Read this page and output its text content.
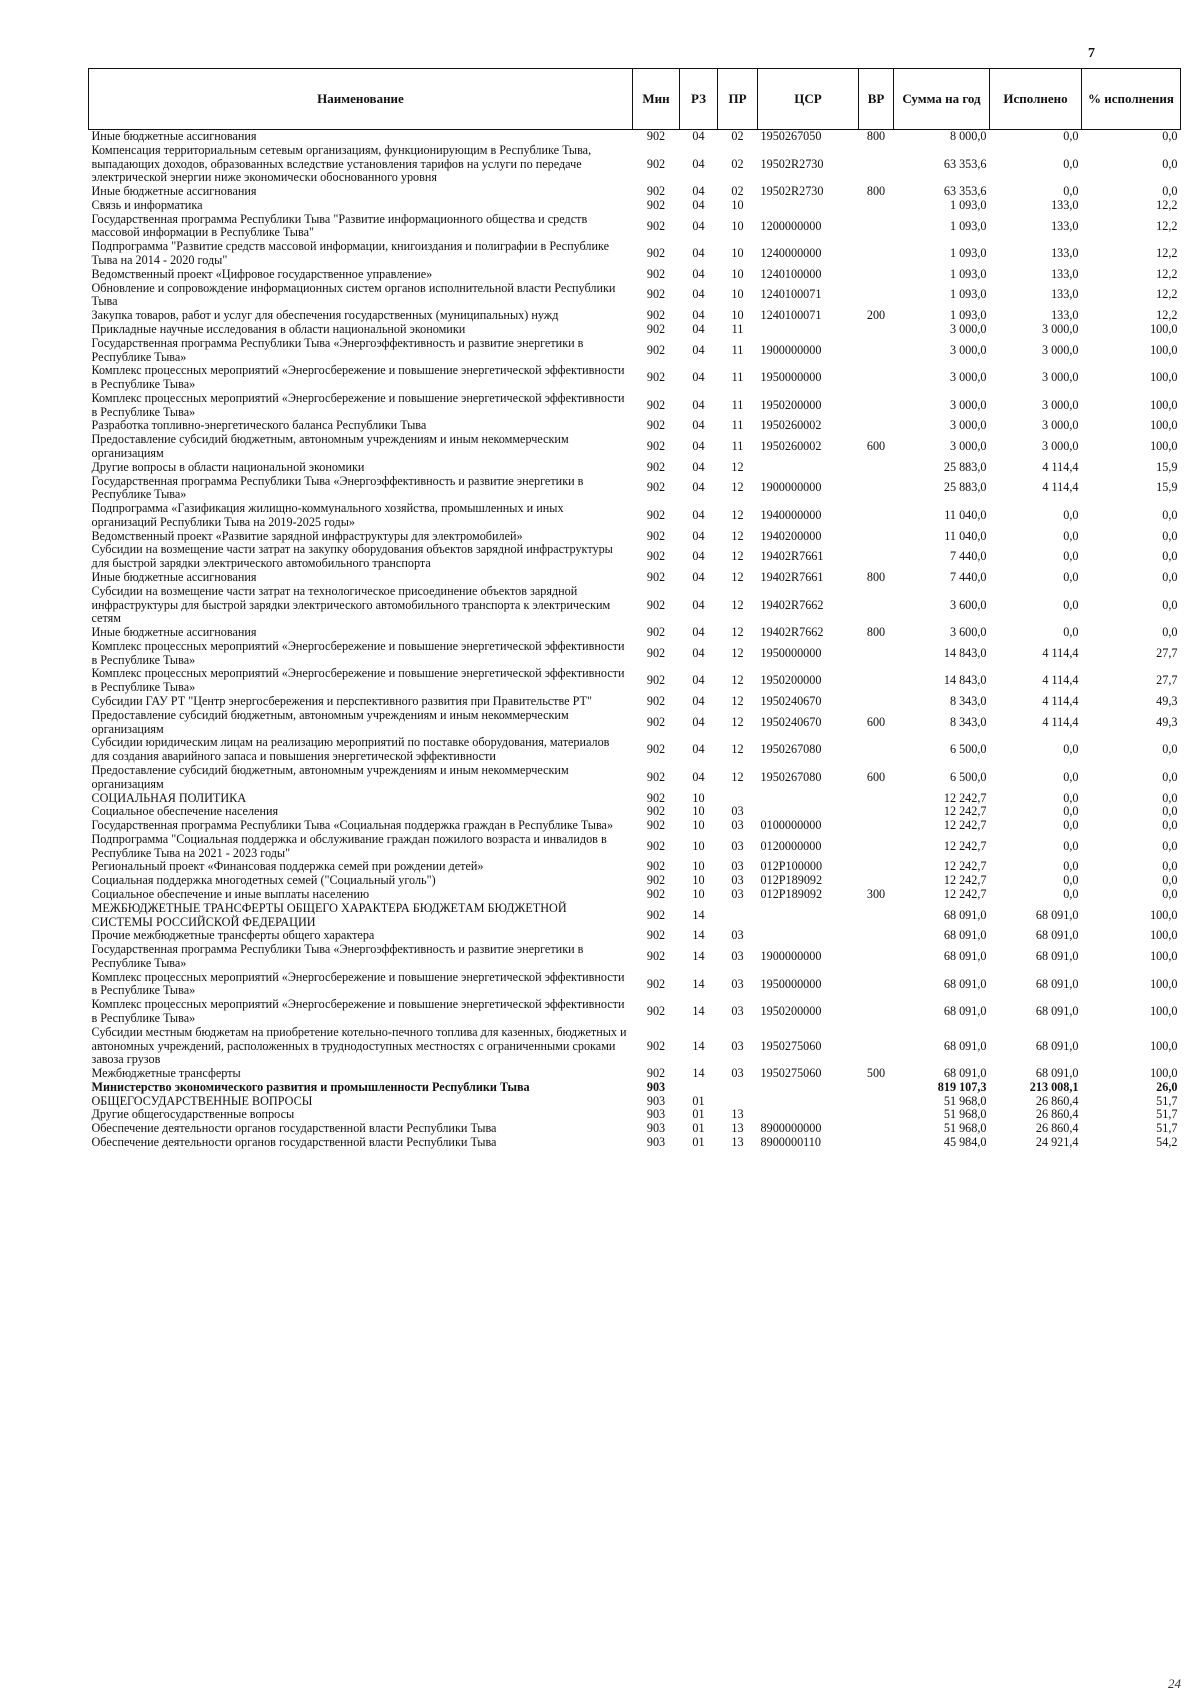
7
Наименование	Мин	РЗ	ПР	ЦСР	ВР	Сумма на год	Исполнено	% исполнения
Иные бюджетные ассигнования	902	04	02	1950267050	800	8 000,0	0,0	0,0
Компенсация территориальным сетевым организациям, функционирующим в Республике Тыва, выпадающих доходов, образованных вследствие установления тарифов на услуги по передаче электрической энергии ниже экономически обоснованного уровня	902	04	02	19502R2730		63 353,6	0,0	0,0
Иные бюджетные ассигнования	902	04	02	19502R2730	800	63 353,6	0,0	0,0
Связь и информатика	902	04	10			1 093,0	133,0	12,2
Государственная программа Республики Тыва "Развитие информационного общества и средств массовой информации в Республике Тыва"	902	04	10	1200000000		1 093,0	133,0	12,2
Подпрограмма "Развитие средств массовой информации, книгоиздания и полиграфии в Республике Тыва на 2014 - 2020 годы"	902	04	10	1240000000		1 093,0	133,0	12,2
Ведомственный проект «Цифровое государственное управление»	902	04	10	1240100000		1 093,0	133,0	12,2
Обновление и сопровождение информационных систем органов исполнительной власти Республики Тыва	902	04	10	1240100071		1 093,0	133,0	12,2
Закупка товаров, работ и услуг для обеспечения государственных (муниципальных) нужд	902	04	10	1240100071	200	1 093,0	133,0	12,2
Прикладные научные исследования в области национальной экономики	902	04	11			3 000,0	3 000,0	100,0
Государственная программа Республики Тыва «Энергоэффективность и развитие энергетики в Республике Тыва»	902	04	11	1900000000		3 000,0	3 000,0	100,0
Комплекс процессных мероприятий «Энергосбережение и повышение энергетической эффективности в Республике Тыва»	902	04	11	1950000000		3 000,0	3 000,0	100,0
Комплекс процессных мероприятий «Энергосбережение и повышение энергетической эффективности в Республике Тыва»	902	04	11	1950200000		3 000,0	3 000,0	100,0
Разработка топливно-энергетического баланса Республики Тыва	902	04	11	1950260002		3 000,0	3 000,0	100,0
Предоставление субсидий бюджетным, автономным учреждениям и иным некоммерческим организациям	902	04	11	1950260002	600	3 000,0	3 000,0	100,0
Другие вопросы в области национальной экономики	902	04	12			25 883,0	4 114,4	15,9
Государственная программа Республики Тыва «Энергоэффективность и развитие энергетики в Республике Тыва»	902	04	12	1900000000		25 883,0	4 114,4	15,9
Подпрограмма «Газификация жилищно-коммунального хозяйства, промышленных и иных организаций Республики Тыва на 2019-2025 годы»	902	04	12	1940000000		11 040,0	0,0	0,0
Ведомственный проект «Развитие зарядной инфраструктуры для электромобилей»	902	04	12	1940200000		11 040,0	0,0	0,0
Субсидии на возмещение части затрат на закупку оборудования объектов зарядной инфраструктуры для быстрой зарядки электрического автомобильного транспорта	902	04	12	19402R7661		7 440,0	0,0	0,0
Иные бюджетные ассигнования	902	04	12	19402R7661	800	7 440,0	0,0	0,0
Субсидии на возмещение части затрат на технологическое присоединение объектов зарядной инфраструктуры для быстрой зарядки электрического автомобильного транспорта к электрическим сетям	902	04	12	19402R7662		3 600,0	0,0	0,0
Иные бюджетные ассигнования	902	04	12	19402R7662	800	3 600,0	0,0	0,0
Комплекс процессных мероприятий «Энергосбережение и повышение энергетической эффективности в Республике Тыва»	902	04	12	1950000000		14 843,0	4 114,4	27,7
Комплекс процессных мероприятий «Энергосбережение и повышение энергетической эффективности в Республике Тыва»	902	04	12	1950200000		14 843,0	4 114,4	27,7
Субсидии ГАУ РТ "Центр энергосбережения и перспективного развития при Правительстве РТ"	902	04	12	1950240670		8 343,0	4 114,4	49,3
Предоставление субсидий бюджетным, автономным учреждениям и иным некоммерческим организациям	902	04	12	1950240670	600	8 343,0	4 114,4	49,3
Субсидии юридическим лицам на реализацию мероприятий по поставке оборудования, материалов для создания аварийного запаса и повышения энергетической эффективности	902	04	12	1950267080		6 500,0	0,0	0,0
Предоставление субсидий бюджетным, автономным учреждениям и иным некоммерческим организациям	902	04	12	1950267080	600	6 500,0	0,0	0,0
СОЦИАЛЬНАЯ ПОЛИТИКА	902	10				12 242,7	0,0	0,0
Социальное обеспечение населения	902	10	03			12 242,7	0,0	0,0
Государственная программа Республики Тыва «Социальная поддержка граждан в Республике Тыва»	902	10	03	0100000000		12 242,7	0,0	0,0
Подпрограмма "Социальная поддержка и обслуживание граждан пожилого возраста и инвалидов в Республике Тыва на 2021 - 2023 годы"	902	10	03	0120000000		12 242,7	0,0	0,0
Региональный проект «Финансовая поддержка семей при рождении детей»	902	10	03	012P100000		12 242,7	0,0	0,0
Социальная поддержка многодетных семей ("Социальный уголь")	902	10	03	012P189092		12 242,7	0,0	0,0
Социальное обеспечение и иные выплаты населению	902	10	03	012P189092	300	12 242,7	0,0	0,0
МЕЖБЮДЖЕТНЫЕ ТРАНСФЕРТЫ ОБЩЕГО ХАРАКТЕРА БЮДЖЕТАМ БЮДЖЕТНОЙ СИСТЕМЫ РОССИЙСКОЙ ФЕДЕРАЦИИ	902	14				68 091,0	68 091,0	100,0
Прочие межбюджетные трансферты общего характера	902	14	03			68 091,0	68 091,0	100,0
Государственная программа Республики Тыва «Энергоэффективность и развитие энергетики в Республике Тыва»	902	14	03	1900000000		68 091,0	68 091,0	100,0
Комплекс процессных мероприятий «Энергосбережение и повышение энергетической эффективности в Республике Тыва»	902	14	03	1950000000		68 091,0	68 091,0	100,0
Комплекс процессных мероприятий «Энергосбережение и повышение энергетической эффективности в Республике Тыва»	902	14	03	1950200000		68 091,0	68 091,0	100,0
Субсидии местным бюджетам на приобретение котельно-печного топлива для казенных, бюджетных и автономных учреждений, расположенных в труднодоступных местностях с ограниченными сроками завоза грузов	902	14	03	1950275060		68 091,0	68 091,0	100,0
Межбюджетные трансферты	902	14	03	1950275060	500	68 091,0	68 091,0	100,0
Министерство экономического развития и промышленности Республики Тыва	903					819 107,3	213 008,1	26,0
ОБЩЕГОСУДАРСТВЕННЫЕ ВОПРОСЫ	903	01				51 968,0	26 860,4	51,7
Другие общегосударственные вопросы	903	01	13			51 968,0	26 860,4	51,7
Обеспечение деятельности органов государственной власти Республики Тыва	903	01	13	8900000000		51 968,0	26 860,4	51,7
Обеспечение деятельности органов государственной власти Республики Тыва	903	01	13	8900000110		45 984,0	24 921,4	54,2
24
